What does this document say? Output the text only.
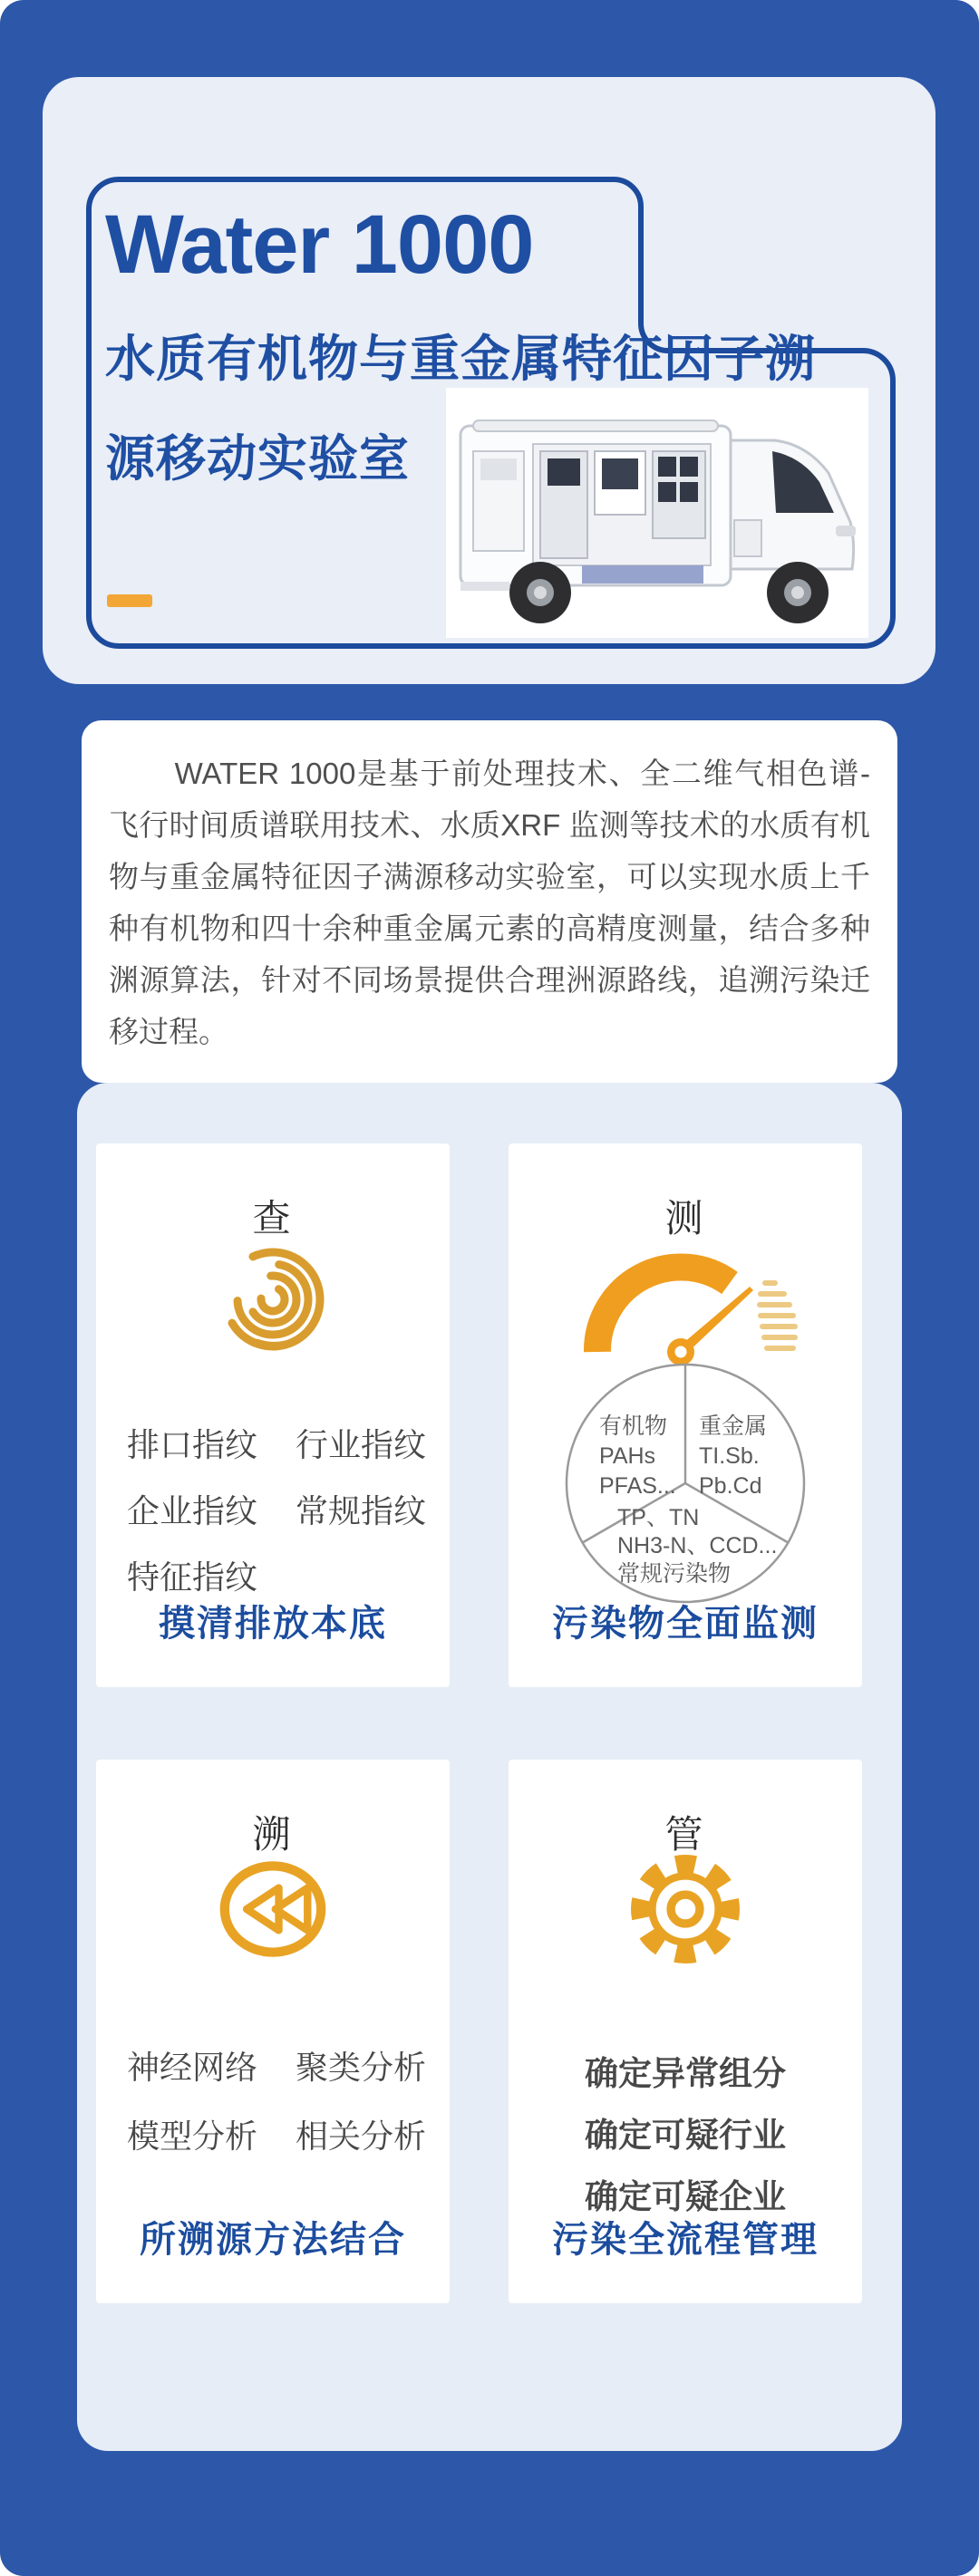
Water 1000
水质有机物与重金属特征因子溯
源移动实验室
WATER 1000是基于前处理技术、全二维气相色谱-飞行时间质谱联用技术、水质XRF 监测等技术的水质有机物与重金属特征因子满源移动实验室，可以实现水质上千种有机物和四十余种重金属元素的高精度测量，结合多种渊源算法，针对不同场景提供合理洲源路线，追溯污染迁移过程。
查
排口指纹	行业指纹
企业指纹	常规指纹
特征指纹
摸清排放本底
测
有机物
PAHs
PFAS...
重金属
TI.Sb.
Pb.Cd
TP、TN
NH3-N、CCD...
常规污染物
污染物全面监测
溯
神经网络	聚类分析
模型分析	相关分析
所溯源方法结合
管
确定异常组分
确定可疑行业
确定可疑企业
污染全流程管理
